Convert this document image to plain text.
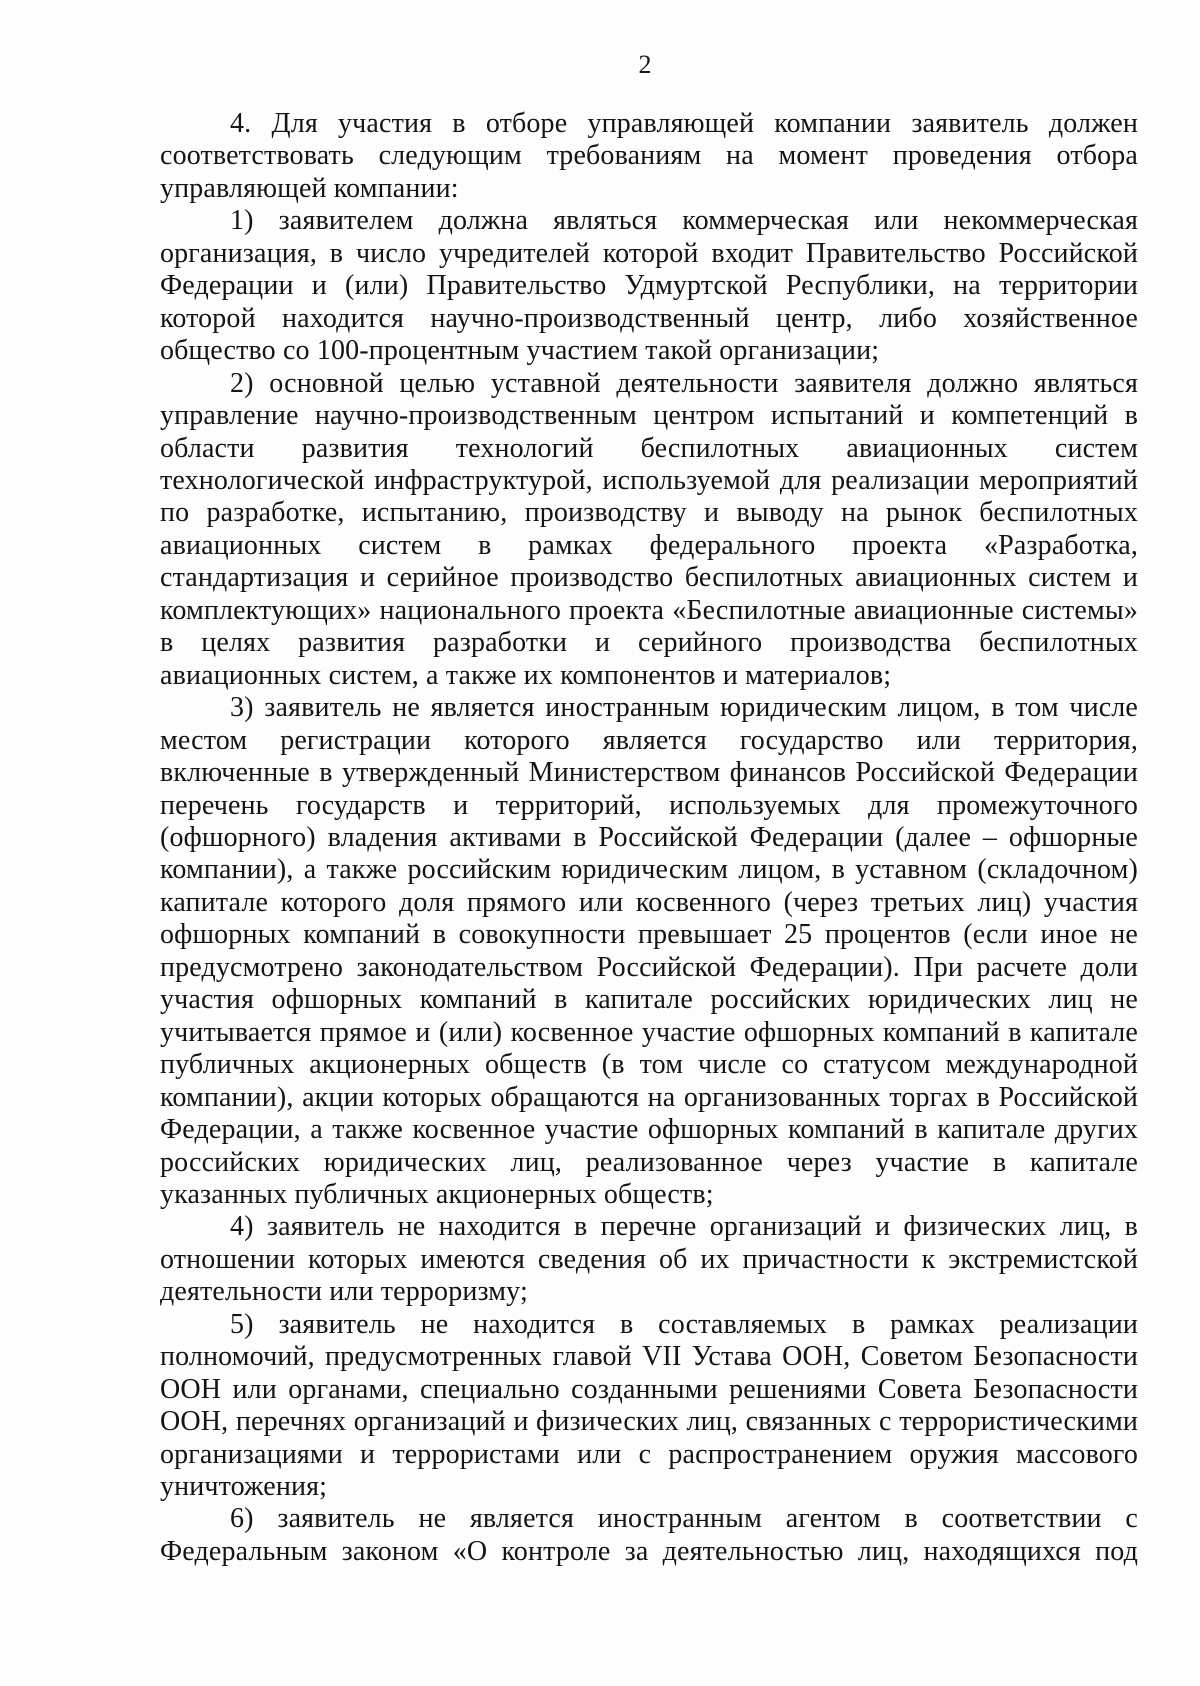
2

4. Для участия в отборе управляющей компании заявитель должен соответствовать следующим требованиям на момент проведения отбора управляющей компании:

1) заявителем должна являться коммерческая или некоммерческая организация, в число учредителей которой входит Правительство Российской Федерации и (или) Правительство Удмуртской Республики, на территории которой находится научно-производственный центр, либо хозяйственное общество со 100-процентным участием такой организации;

2) основной целью уставной деятельности заявителя должно являться управление научно-производственным центром испытаний и компетенций в области развития технологий беспилотных авиационных систем технологической инфраструктурой, используемой для реализации мероприятий по разработке, испытанию, производству и выводу на рынок беспилотных авиационных систем в рамках федерального проекта «Разработка, стандартизация и серийное производство беспилотных авиационных систем и комплектующих» национального проекта «Беспилотные авиационные системы» в целях развития разработки и серийного производства беспилотных авиационных систем, а также их компонентов и материалов;

3) заявитель не является иностранным юридическим лицом, в том числе местом регистрации которого является государство или территория, включенные в утвержденный Министерством финансов Российской Федерации перечень государств и территорий, используемых для промежуточного (офшорного) владения активами в Российской Федерации (далее – офшорные компании), а также российским юридическим лицом, в уставном (складочном) капитале которого доля прямого или косвенного (через третьих лиц) участия офшорных компаний в совокупности превышает 25 процентов (если иное не предусмотрено законодательством Российской Федерации). При расчете доли участия офшорных компаний в капитале российских юридических лиц не учитывается прямое и (или) косвенное участие офшорных компаний в капитале публичных акционерных обществ (в том числе со статусом международной компании), акции которых обращаются на организованных торгах в Российской Федерации, а также косвенное участие офшорных компаний в капитале других российских юридических лиц, реализованное через участие в капитале указанных публичных акционерных обществ;

4) заявитель не находится в перечне организаций и физических лиц, в отношении которых имеются сведения об их причастности к экстремистской деятельности или терроризму;

5) заявитель не находится в составляемых в рамках реализации полномочий, предусмотренных главой VII Устава ООН, Советом Безопасности ООН или органами, специально созданными решениями Совета Безопасности ООН, перечнях организаций и физических лиц, связанных с террористическими организациями и террористами или с распространением оружия массового уничтожения;

6) заявитель не является иностранным агентом в соответствии с Федеральным законом «О контроле за деятельностью лиц, находящихся под
